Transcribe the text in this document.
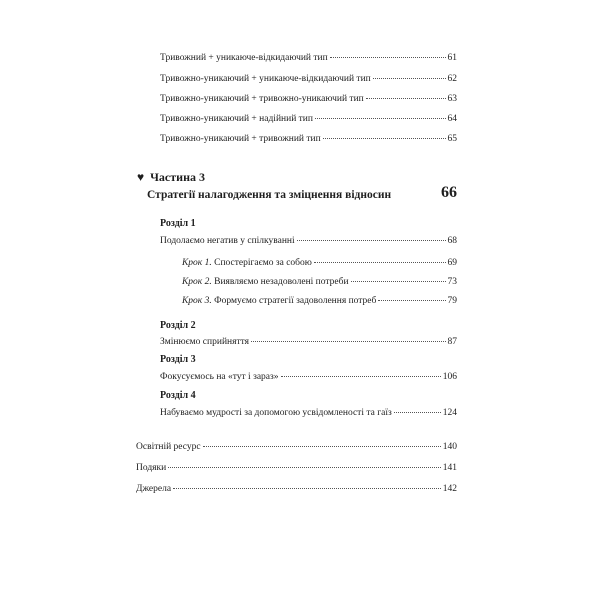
Тривожний + уникаюче-відкидаючий тип	61
Тривожно-уникаючий + уникаюче-відкидаючий тип	62
Тривожно-уникаючий + тривожно-уникаючий тип	63
Тривожно-уникаючий + надійний тип	64
Тривожно-уникаючий + тривожний тип	65
♥ Частина 3
Стратегії налагодження та зміцнення відносин	66
Розділ 1
Подолаємо негатив у спілкуванні	68
Крок 1. Спостерігаємо за собою	69
Крок 2. Виявляємо незадоволені потреби	73
Крок 3. Формуємо стратегії задоволення потреб	79
Розділ 2
Змінюємо сприйняття	87
Розділ 3
Фокусуємось на «тут і зараз»	106
Розділ 4
Набуваємо мудрості за допомогою усвідомленості та гаїз	124
Освітній ресурс	140
Подяки	141
Джерела	142
